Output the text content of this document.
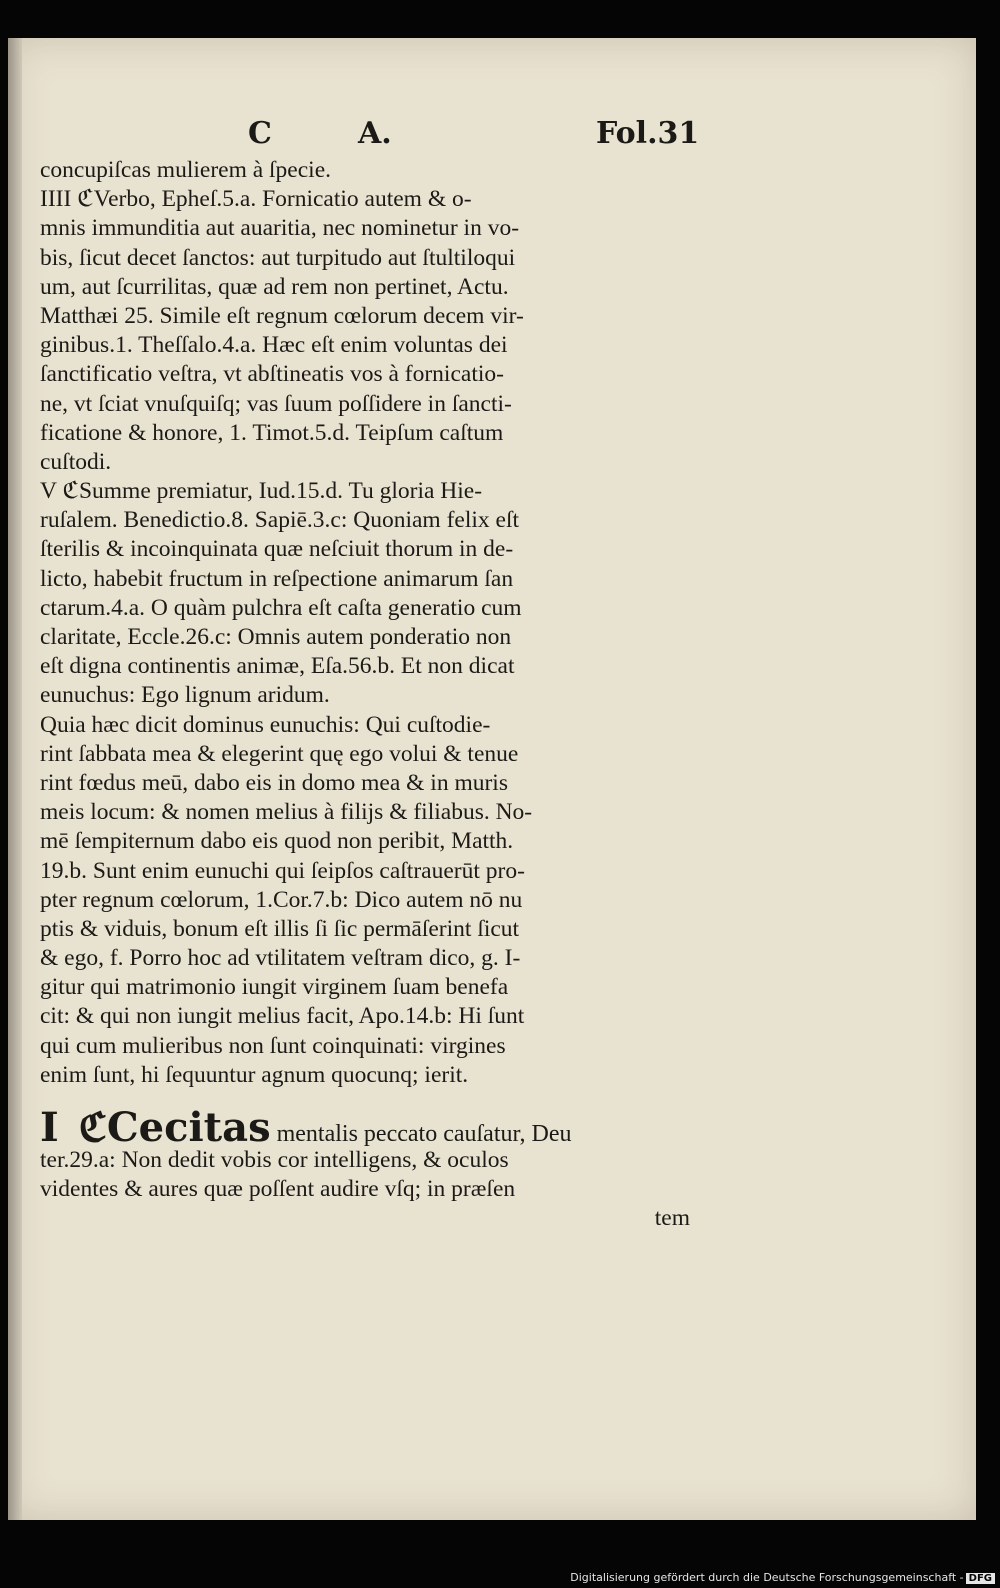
C	A.	Fol.31
concupiſcas mulierem à ſpecie.
IIII ℭVerbo, Epheſ.5.a. Fornicatio autem & o-
mnis immunditia aut auaritia, nec nominetur in vo-
bis, ſicut decet ſanctos: aut turpitudo aut ſtultiloqui
um, aut ſcurrilitas, quæ ad rem non pertinet, Actu.
Matthæi 25. Simile eſt regnum cœlorum decem vir-
ginibus.1. Theſſalo.4.a. Hæc eſt enim voluntas dei
ſanctificatio veſtra, vt abſtineatis vos à fornicatio-
ne, vt ſciat vnuſquiſq; vas ſuum poſſidere in ſancti-
ficatione & honore, 1. Timot.5.d. Teipſum caſtum
cuſtodi.
V ℭSumme premiatur, Iud.15.d. Tu gloria Hie-
ruſalem. Benedictio.8. Sapiē.3.c: Quoniam felix eſt
ſterilis & incoinquinata quæ neſciuit thorum in de-
licto, habebit fructum in reſpectione animarum ſan
ctarum.4.a. O quàm pulchra eſt caſta generatio cum
claritate, Eccle.26.c: Omnis autem ponderatio non
eſt digna continentis animæ, Eſa.56.b. Et non dicat
eunuchus: Ego lignum aridum.
Quia hæc dicit dominus eunuchis: Qui cuſtodie-
rint ſabbata mea & elegerint quę ego volui & tenue
rint fœdus meū, dabo eis in domo mea & in muris
meis locum: & nomen melius à filijs & filiabus. No-
mē ſempiternum dabo eis quod non peribit, Matth.
19.b. Sunt enim eunuchi qui ſeipſos caſtrauerūt pro-
pter regnum cœlorum, 1.Cor.7.b: Dico autem nō nu
ptis & viduis, bonum eſt illis ſi ſic permāſerint ſicut
& ego, f. Porro hoc ad vtilitatem veſtram dico, g. I-
gitur qui matrimonio iungit virginem ſuam benefa
cit: & qui non iungit melius facit, Apo.14.b: Hi ſunt
qui cum mulieribus non ſunt coinquinati: virgines
enim ſunt, hi ſequuntur agnum quocunq; ierit.
I ℭCecitas mentalis peccato cauſatur, Deu
ter.29.a: Non dedit vobis cor intelligens, & oculos
videntes & aures quæ poſſent audire vſq; in præſen
tem
Digitalisierung gefördert durch die Deutsche Forschungsgemeinschaft - DFG
